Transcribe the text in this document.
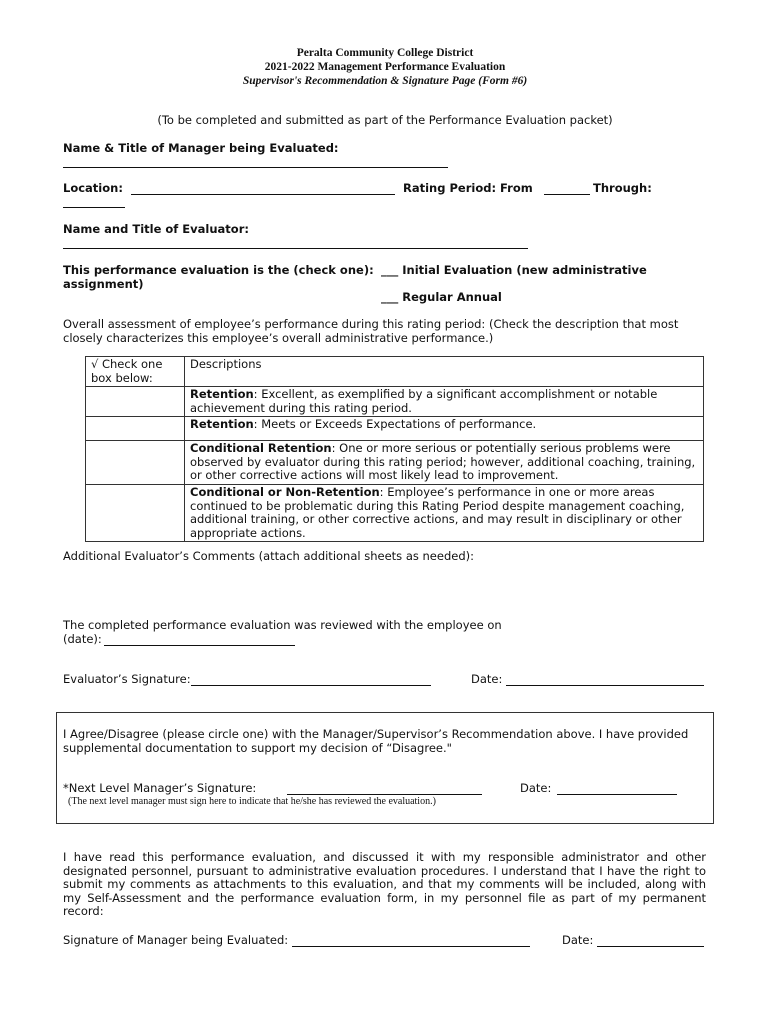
Peralta Community College District
2021-2022 Management Performance Evaluation
Supervisor's Recommendation & Signature Page (Form #6)
(To be completed and submitted as part of the Performance Evaluation packet)
Name & Title of Manager being Evaluated:
Location:	Rating Period: From	Through:
Name and Title of Evaluator:
This performance evaluation is the (check one):
assignment)
___ Initial Evaluation (new administrative
___ Regular Annual
Overall assessment of employee’s performance during this rating period: (Check the description that most
closely characterizes this employee’s overall administrative performance.)
√ Check one
box below:	Descriptions
	Retention: Excellent, as exemplified by a significant accomplishment or notable achievement during this rating period.
	Retention: Meets or Exceeds Expectations of performance.
	Conditional Retention: One or more serious or potentially serious problems were observed by evaluator during this rating period; however, additional coaching, training, or other corrective actions will most likely lead to improvement.
	Conditional or Non-Retention: Employee’s performance in one or more areas continued to be problematic during this Rating Period despite management coaching, additional training, or other corrective actions, and may result in disciplinary or other appropriate actions.
Additional Evaluator’s Comments (attach additional sheets as needed):
The completed performance evaluation was reviewed with the employee on
(date):
Evaluator’s Signature:	Date:
I Agree/Disagree (please circle one) with the Manager/Supervisor’s Recommendation above. I have provided supplemental documentation to support my decision of “Disagree."
*Next Level Manager’s Signature:	Date:
(The next level manager must sign here to indicate that he/she has reviewed the evaluation.)
I have read this performance evaluation, and discussed it with my responsible administrator and other designated personnel, pursuant to administrative evaluation procedures. I understand that I have the right to submit my comments as attachments to this evaluation, and that my comments will be included, along with my Self-Assessment and the performance evaluation form, in my personnel file as part of my permanent record:
Signature of Manager being Evaluated:	Date:
